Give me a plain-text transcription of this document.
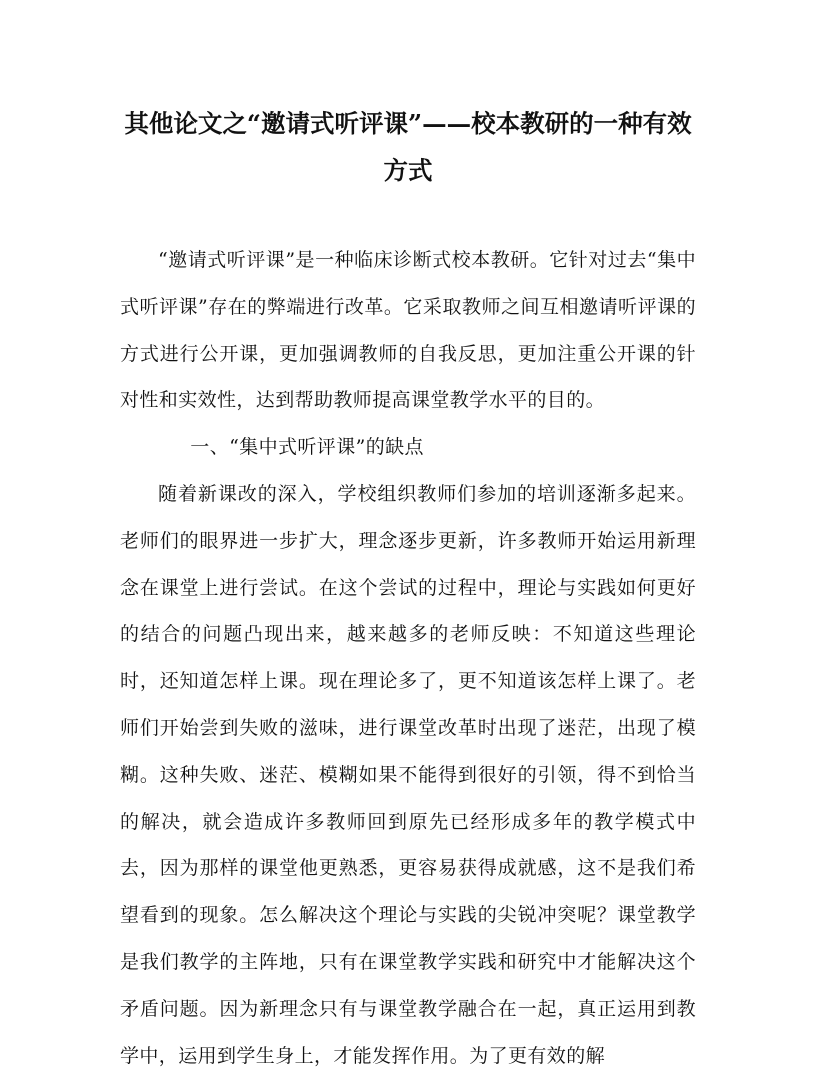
其他论文之“邀请式听评课”——校本教研的一种有效方式

“邀请式听评课”是一种临床诊断式校本教研。它针对过去“集中式听评课”存在的弊端进行改革。它采取教师之间互相邀请听评课的方式进行公开课，更加强调教师的自我反思，更加注重公开课的针对性和实效性，达到帮助教师提高课堂教学水平的目的。

一、“集中式听评课”的缺点

随着新课改的深入，学校组织教师们参加的培训逐渐多起来。老师们的眼界进一步扩大，理念逐步更新，许多教师开始运用新理念在课堂上进行尝试。在这个尝试的过程中，理论与实践如何更好的结合的问题凸现出来，越来越多的老师反映：不知道这些理论时，还知道怎样上课。现在理论多了，更不知道该怎样上课了。老师们开始尝到失败的滋味，进行课堂改革时出现了迷茫，出现了模糊。这种失败、迷茫、模糊如果不能得到很好的引领，得不到恰当的解决，就会造成许多教师回到原先已经形成多年的教学模式中去，因为那样的课堂他更熟悉，更容易获得成就感，这不是我们希望看到的现象。怎么解决这个理论与实践的尖锐冲突呢？课堂教学是我们教学的主阵地，只有在课堂教学实践和研究中才能解决这个矛盾问题。因为新理念只有与课堂教学融合在一起，真正运用到教学中，运用到学生身上，才能发挥作用。为了更有效的解
